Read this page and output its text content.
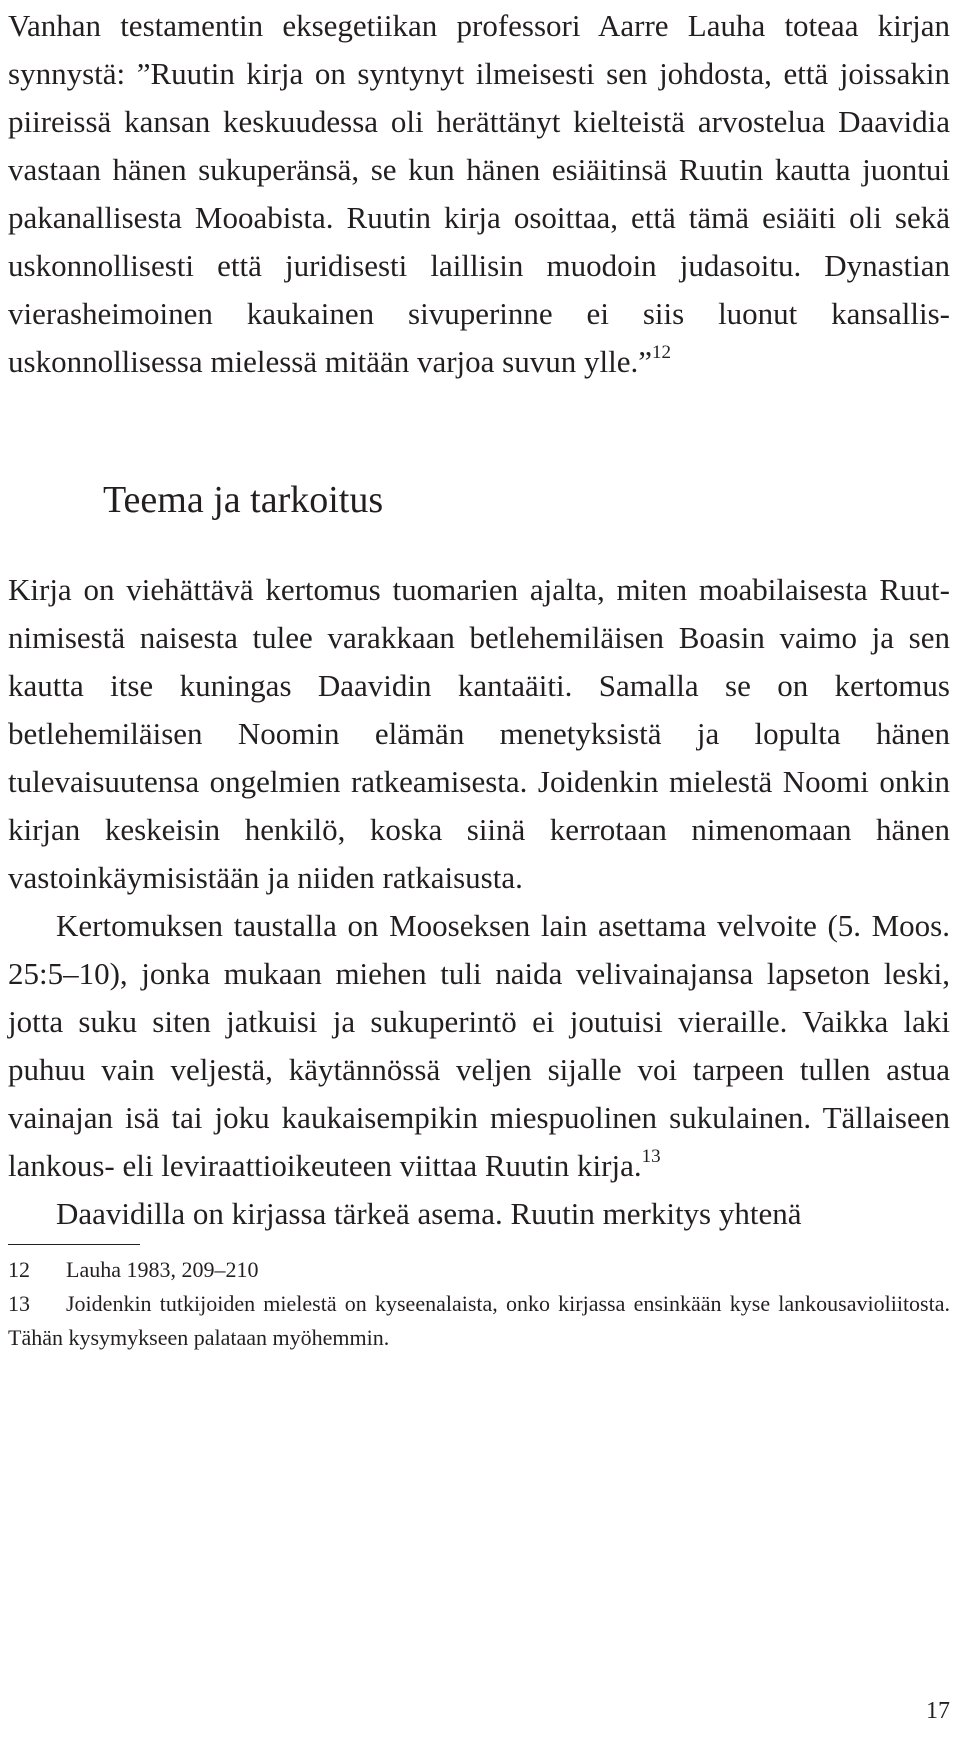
Vanhan testamentin eksegetiikan professori Aarre Lauha toteaa kirjan synnystä: ”Ruutin kirja on syntynyt ilmeisesti sen johdosta, että joissakin piireissä kansan keskuudessa oli herättänyt kielteistä arvostelua Daavidia vastaan hänen sukuperänsä, se kun hänen esiäitinsä Ruutin kautta juontui pakanallisesta Mooabista. Ruutin kirja osoittaa, että tämä esiäiti oli sekä uskonnollisesti että juridisesti laillisin muodoin judasoitu. Dynastian vierasheimoinen kaukainen sivuperinne ei siis luonut kansallis-uskonnollisessa mielessä mitään varjoa suvun ylle.”$^{12}$

Teema ja tarkoitus

Kirja on viehättävä kertomus tuomarien ajalta, miten moabilaisesta Ruut-nimisestä naisesta tulee varakkaan betlehemiläisen Boasin vaimo ja sen kautta itse kuningas Daavidin kantaäiti. Samalla se on kertomus betlehemiläisen Noomin elämän menetyksistä ja lopulta hänen tulevaisuutensa ongelmien ratkeamisesta. Joidenkin mielestä Noomi onkin kirjan keskeisin henkilö, koska siinä kerrotaan nimenomaan hänen vastoinkäymisistään ja niiden ratkaisusta.

Kertomuksen taustalla on Mooseksen lain asettama velvoite (5. Moos. 25:5–10), jonka mukaan miehen tuli naida velivainajansa lapseton leski, jotta suku siten jatkuisi ja sukuperintö ei joutuisi vieraille. Vaikka laki puhuu vain veljestä, käytännössä veljen sijalle voi tarpeen tullen astua vainajan isä tai joku kaukaisempikin miespuolinen sukulainen. Tällaiseen lankous- eli leviraattioikeuteen viittaa Ruutin kirja.$^{13}$

Daavidilla on kirjassa tärkeä asema. Ruutin merkitys yhtenä

12 Lauha 1983, 209–210

13 Joidenkin tutkijoiden mielestä on kyseenalaista, onko kirjassa ensinkään kyse lankousavioliitosta. Tähän kysymykseen palataan myöhemmin.

17
